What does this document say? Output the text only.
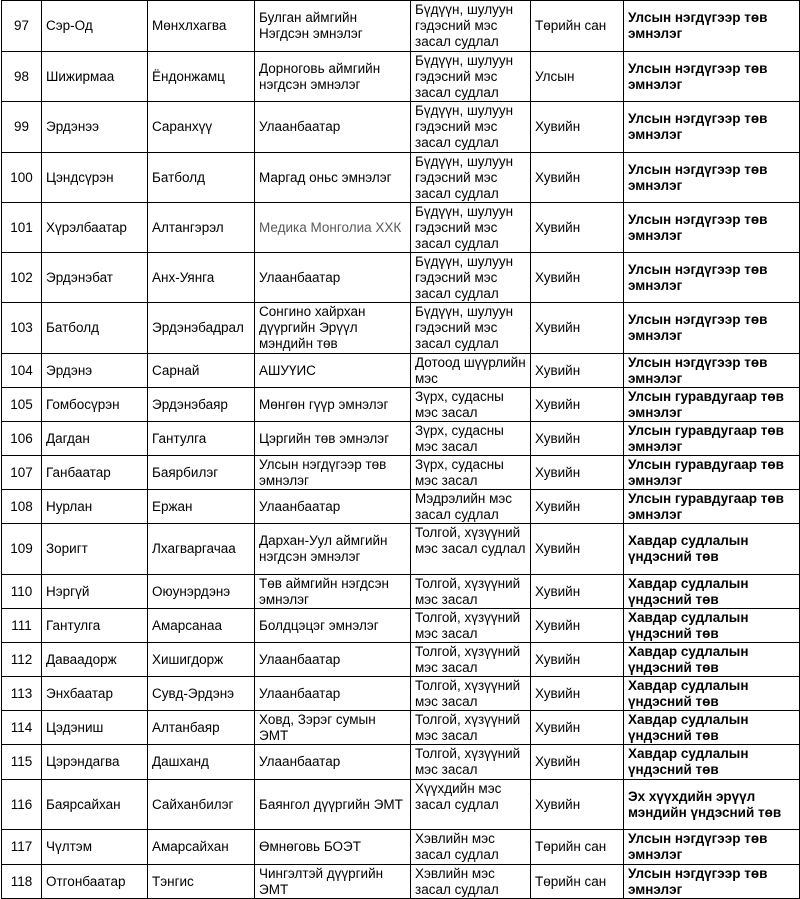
97	Сэр-Од	Мөнхлхагва	Булган аймгийн Нэгдсэн эмнэлэг	Бүдүүн, шулуун гэдэсний мэс засал судлал	Төрийн сан	Улсын нэгдүгээр төв эмнэлэг
98	Шижирмаа	Ёндонжамц	Дорноговь аймгийн нэгдсэн эмнэлэг	Бүдүүн, шулуун гэдэсний мэс засал судлал	Улсын	Улсын нэгдүгээр төв эмнэлэг
99	Эрдэнээ	Саранхүү	Улаанбаатар	Бүдүүн, шулуун гэдэсний мэс засал судлал	Хувийн	Улсын нэгдүгээр төв эмнэлэг
100	Цэндсүрэн	Батболд	Маргад оньс эмнэлэг	Бүдүүн, шулуун гэдэсний мэс засал судлал	Хувийн	Улсын нэгдүгээр төв эмнэлэг
101	Хүрэлбаатар	Алтангэрэл	Медика Монголиа ХХК	Бүдүүн, шулуун гэдэсний мэс засал судлал	Хувийн	Улсын нэгдүгээр төв эмнэлэг
102	Эрдэнэбат	Анх-Уянга	Улаанбаатар	Бүдүүн, шулуун гэдэсний мэс засал судлал	Хувийн	Улсын нэгдүгээр төв эмнэлэг
103	Батболд	Эрдэнэбадрал	Сонгино хайрхан дүүргийн Эрүүл мэндийн төв	Бүдүүн, шулуун гэдэсний мэс засал судлал	Хувийн	Улсын нэгдүгээр төв эмнэлэг
104	Эрдэнэ	Сарнай	АШУҮИС	Дотоод шүүрлийн мэс	Хувийн	Улсын нэгдүгээр төв эмнэлэг
105	Гомбосүрэн	Эрдэнэбаяр	Мөнгөн гүүр эмнэлэг	Зүрх, судасны мэс засал	Хувийн	Улсын гуравдугаар төв эмнэлэг
106	Дагдан	Гантулга	Цэргийн төв эмнэлэг	Зүрх, судасны мэс засал	Хувийн	Улсын гуравдугаар төв эмнэлэг
107	Ганбаатар	Баярбилэг	Улсын нэгдүгээр төв эмнэлэг	Зүрх, судасны мэс засал	Хувийн	Улсын гуравдугаар төв эмнэлэг
108	Нурлан	Ержан	Улаанбаатар	Мэдрэлийн мэс засал судлал	Хувийн	Улсын гуравдугаар төв эмнэлэг
109	Зоригт	Лхагваргачаа	Дархан-Уул аймгийн нэгдсэн эмнэлэг	Толгой, хүзүүний мэс засал судлал	Хувийн	Хавдар судлалын үндэсний төв
110	Нэргүй	Оюунэрдэнэ	Төв аймгийн нэгдсэн эмнэлэг	Толгой, хүзүүний мэс засал	Хувийн	Хавдар судлалын үндэсний төв
111	Гантулга	Амарсанаа	Болдцэцэг эмнэлэг	Толгой, хүзүүний мэс засал	Хувийн	Хавдар судлалын үндэсний төв
112	Даваадорж	Хишигдорж	Улаанбаатар	Толгой, хүзүүний мэс засал	Хувийн	Хавдар судлалын үндэсний төв
113	Энхбаатар	Сувд-Эрдэнэ	Улаанбаатар	Толгой, хүзүүний мэс засал	Хувийн	Хавдар судлалын үндэсний төв
114	Цэдэниш	Алтанбаяр	Ховд, Зэрэг сумын ЭМТ	Толгой, хүзүүний мэс засал	Хувийн	Хавдар судлалын үндэсний төв
115	Цэрэндагва	Дашханд	Улаанбаатар	Толгой, хүзүүний мэс засал	Хувийн	Хавдар судлалын үндэсний төв
116	Баярсайхан	Сайханбилэг	Баянгол дүүргийн ЭМТ	Хүүхдийн мэс засал судлал	Хувийн	Эх хүүхдийн эрүүл мэндийн үндэсний төв
117	Чүлтэм	Амарсайхан	Өмнөговь БОЭТ	Хэвлийн мэс засал судлал	Төрийн сан	Улсын нэгдүгээр төв эмнэлэг
118	Отгонбаатар	Тэнгис	Чингэлтэй дүүргийн ЭМТ	Хэвлийн мэс засал судлал	Төрийн сан	Улсын нэгдүгээр төв эмнэлэг
